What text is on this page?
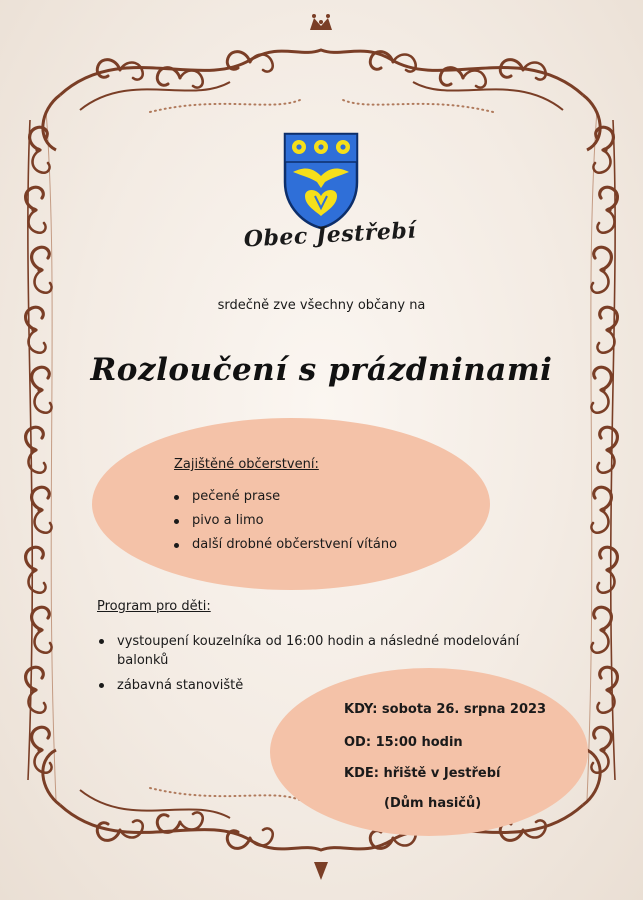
Obec Jestřebí
srdečně zve všechny občany na
Rozloučení s prázdninami
Zajištěné občerstvení:
pečené prase
pivo a limo
další drobné občerstvení vítáno
Program pro děti:
vystoupení kouzelníka od 16:00 hodin a následné modelování balonků
zábavná stanoviště
KDY: sobota 26. srpna 2023
OD: 15:00 hodin
KDE: hřiště v Jestřebí
(Dům hasičů)
